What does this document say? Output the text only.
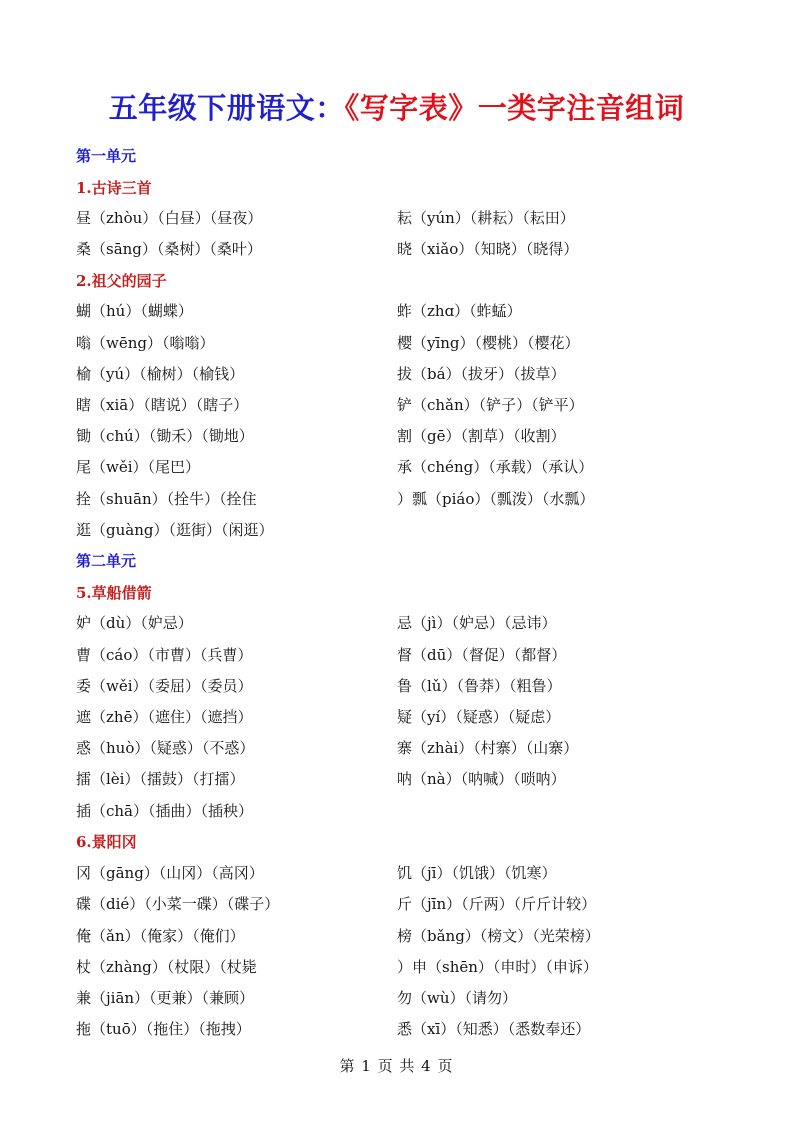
五年级下册语文：《写字表》一类字注音组词
第一单元
1.古诗三首
昼（zhòu）（白昼）（昼夜）	耘（yún）（耕耘）（耘田）
桑（sāng）（桑树）（桑叶）	晓（xiǎo）（知晓）（晓得）
2.祖父的园子
蝴（hú）（蝴蝶）	蚱（zhɑ）（蚱蜢）
嗡（wēng）（嗡嗡）	樱（yīng）（樱桃）（樱花）
榆（yú）（榆树）（榆钱）	拔（bá）（拔牙）（拔草）
瞎（xiā）（瞎说）（瞎子）	铲（chǎn）（铲子）（铲平）
锄（chú）（锄禾）（锄地）	割（gē）（割草）（收割）
尾（wěi）（尾巴）	承（chéng）（承载）（承认）
拴（shuān）（拴牛）（拴住	）瓢（piáo）（瓢泼）（水瓢）
逛（guàng）（逛街）（闲逛）
第二单元
5.草船借箭
妒（dù）（妒忌）	忌（jì）（妒忌）（忌讳）
曹（cáo）（市曹）（兵曹）	督（dū）（督促）（都督）
委（wěi）（委屈）（委员）	鲁（lǔ）（鲁莽）（粗鲁）
遮（zhē）（遮住）（遮挡）	疑（yí）（疑惑）（疑虑）
惑（huò）（疑惑）（不惑）	寨（zhài）（村寨）（山寨）
擂（lèi）（擂鼓）（打擂）	呐（nà）（呐喊）（唢呐）
插（chā）（插曲）（插秧）
6.景阳冈
冈（gāng）（山冈）（高冈）	饥（jī）（饥饿）（饥寒）
碟（dié）（小菜一碟）（碟子）	斤（jīn）（斤两）（斤斤计较）
俺（ǎn）（俺家）（俺们）	榜（bǎng）（榜文）（光荣榜）
杖（zhàng）（杖限）（杖毙	）申（shēn）（申时）（申诉）
兼（jiān）（更兼）（兼顾）	勿（wù）（请勿）
拖（tuō）（拖住）（拖拽）	悉（xī）（知悉）（悉数奉还）
第 1 页 共 4 页
